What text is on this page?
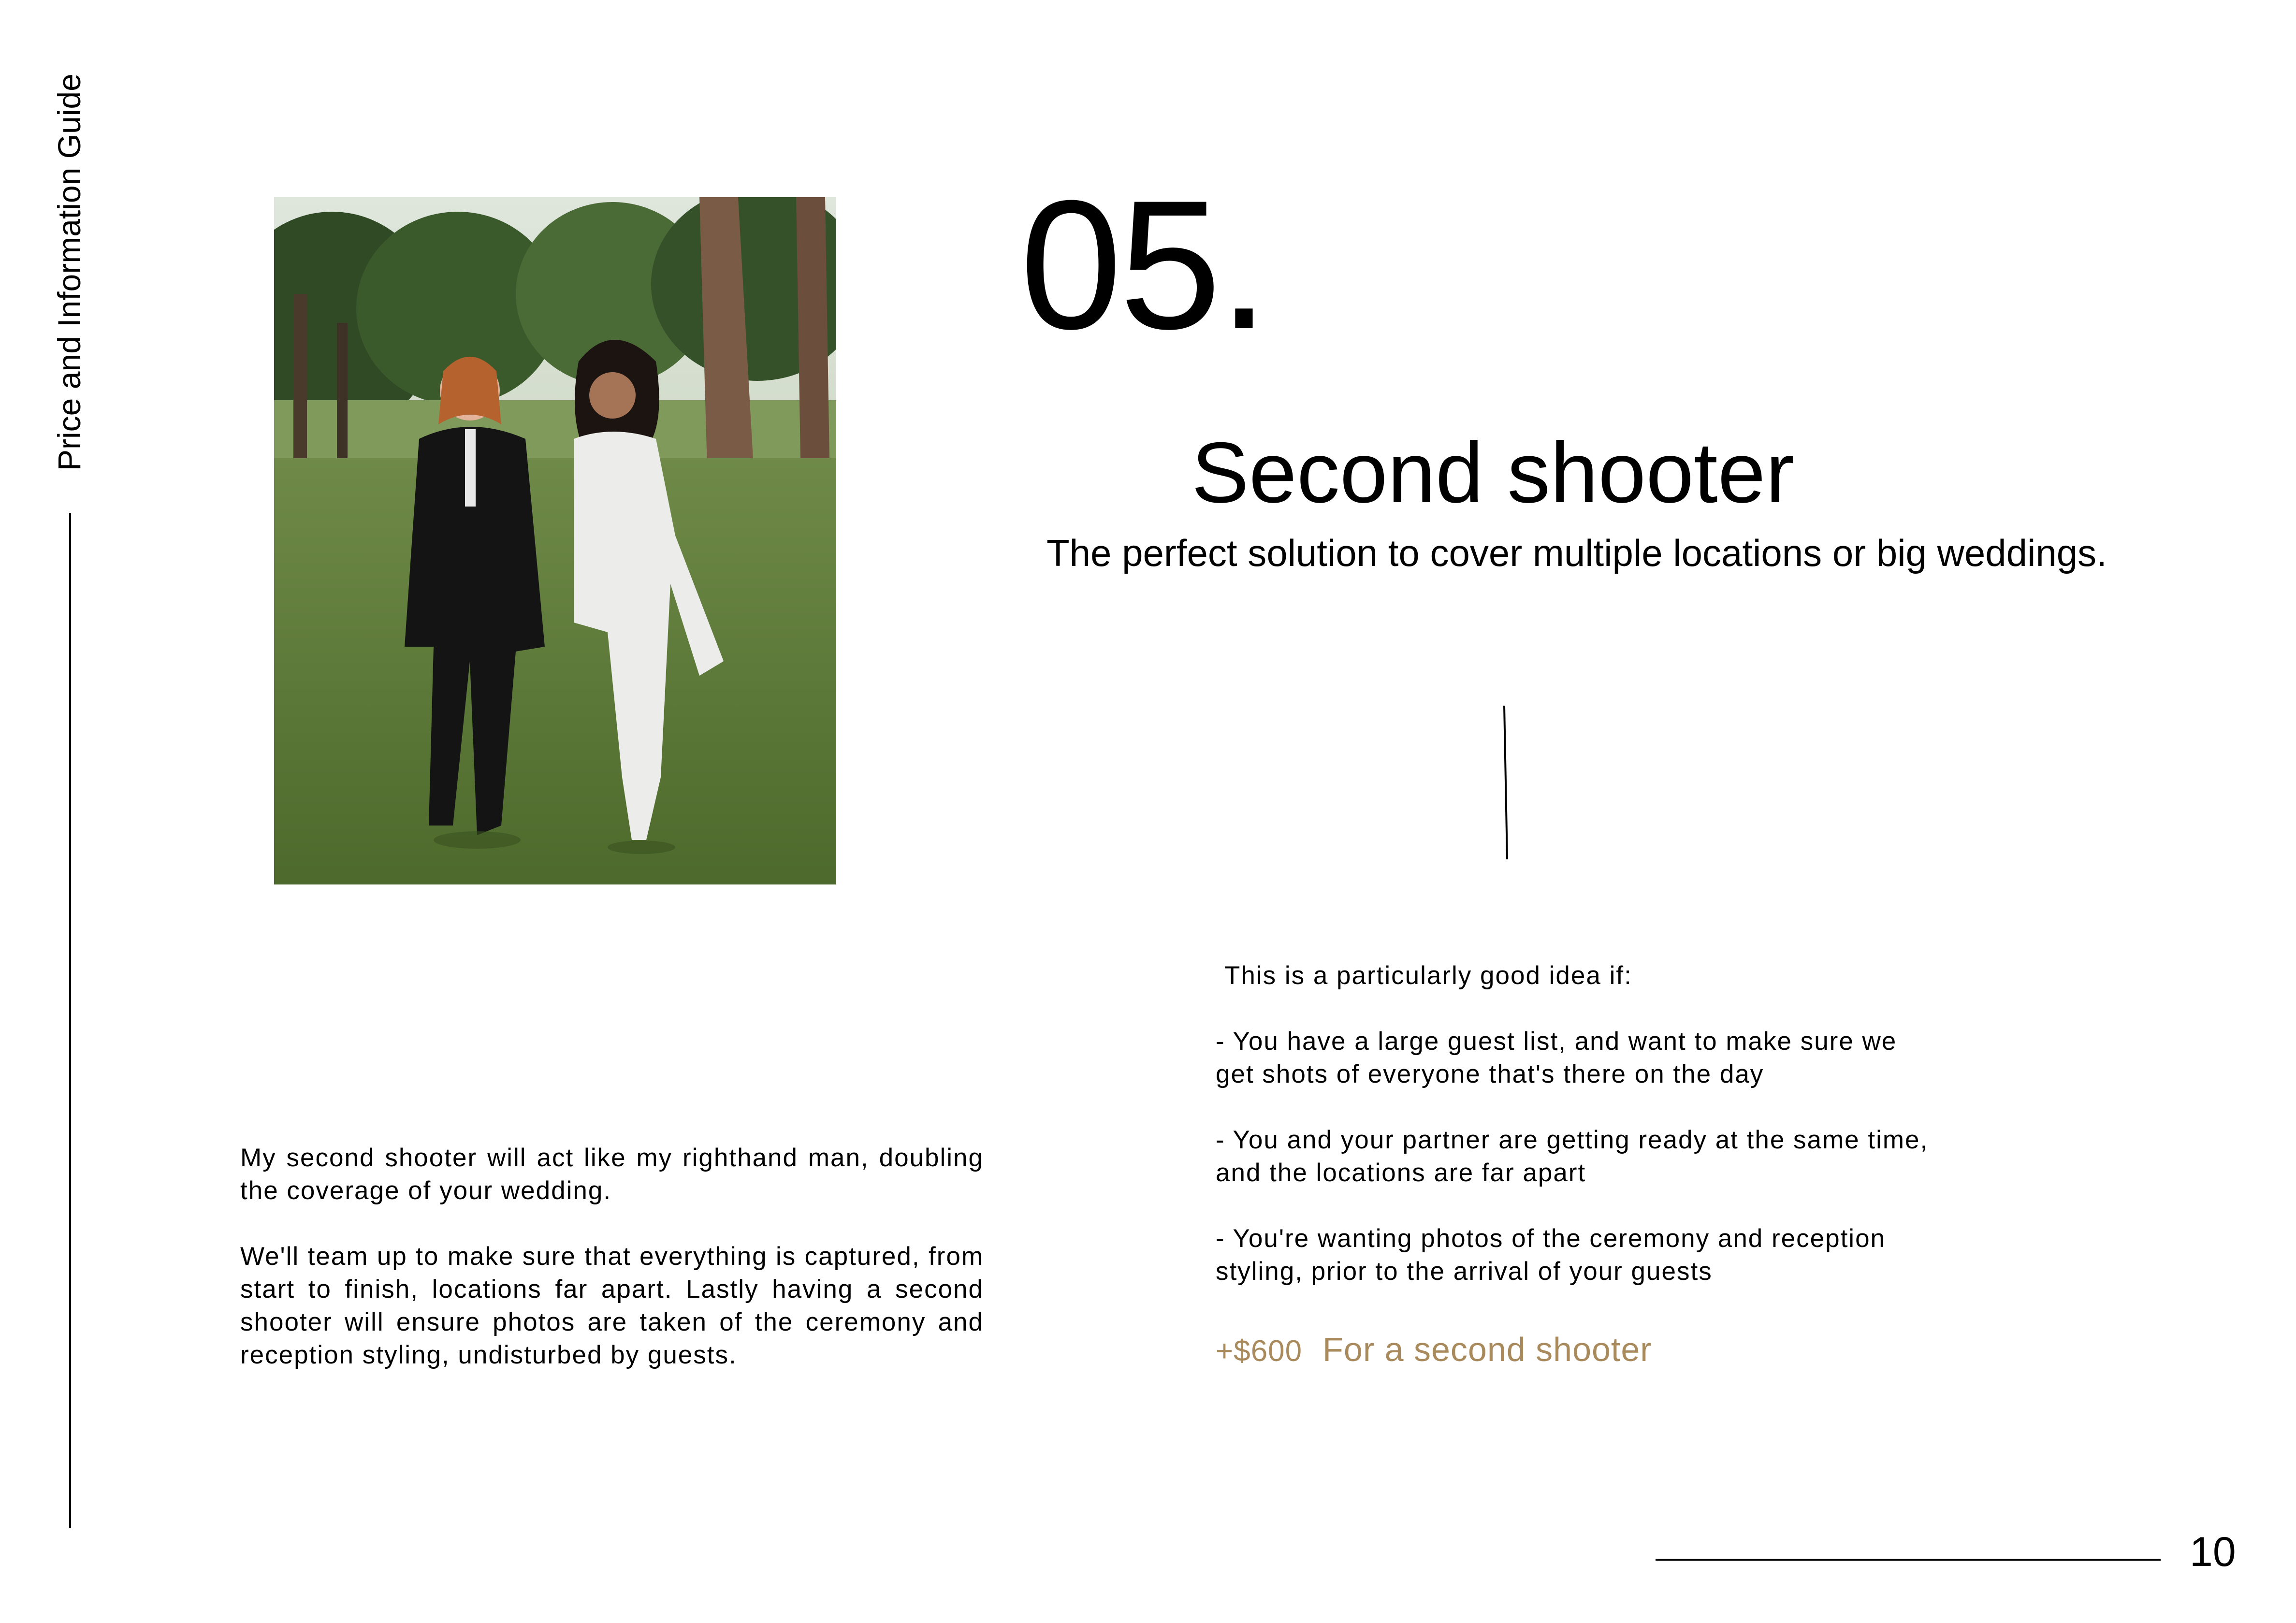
Price and Information Guide	05.
Second shooter
The perfect solution to cover multiple locations or big weddings.

My second shooter will act like my righthand man, doubling the coverage of your wedding.

We'll team up to make sure that everything is captured, from start to finish, locations far apart. Lastly having a second shooter will ensure photos are taken of the ceremony and reception styling, undisturbed by guests.

This is a particularly good idea if:

- You have a large guest list, and want to make sure we get shots of everyone that's there on the day

- You and your partner are getting ready at the same time, and the locations are far apart

- You're wanting photos of the ceremony and reception styling, prior to the arrival of your guests

+$600 For a second shooter
10
